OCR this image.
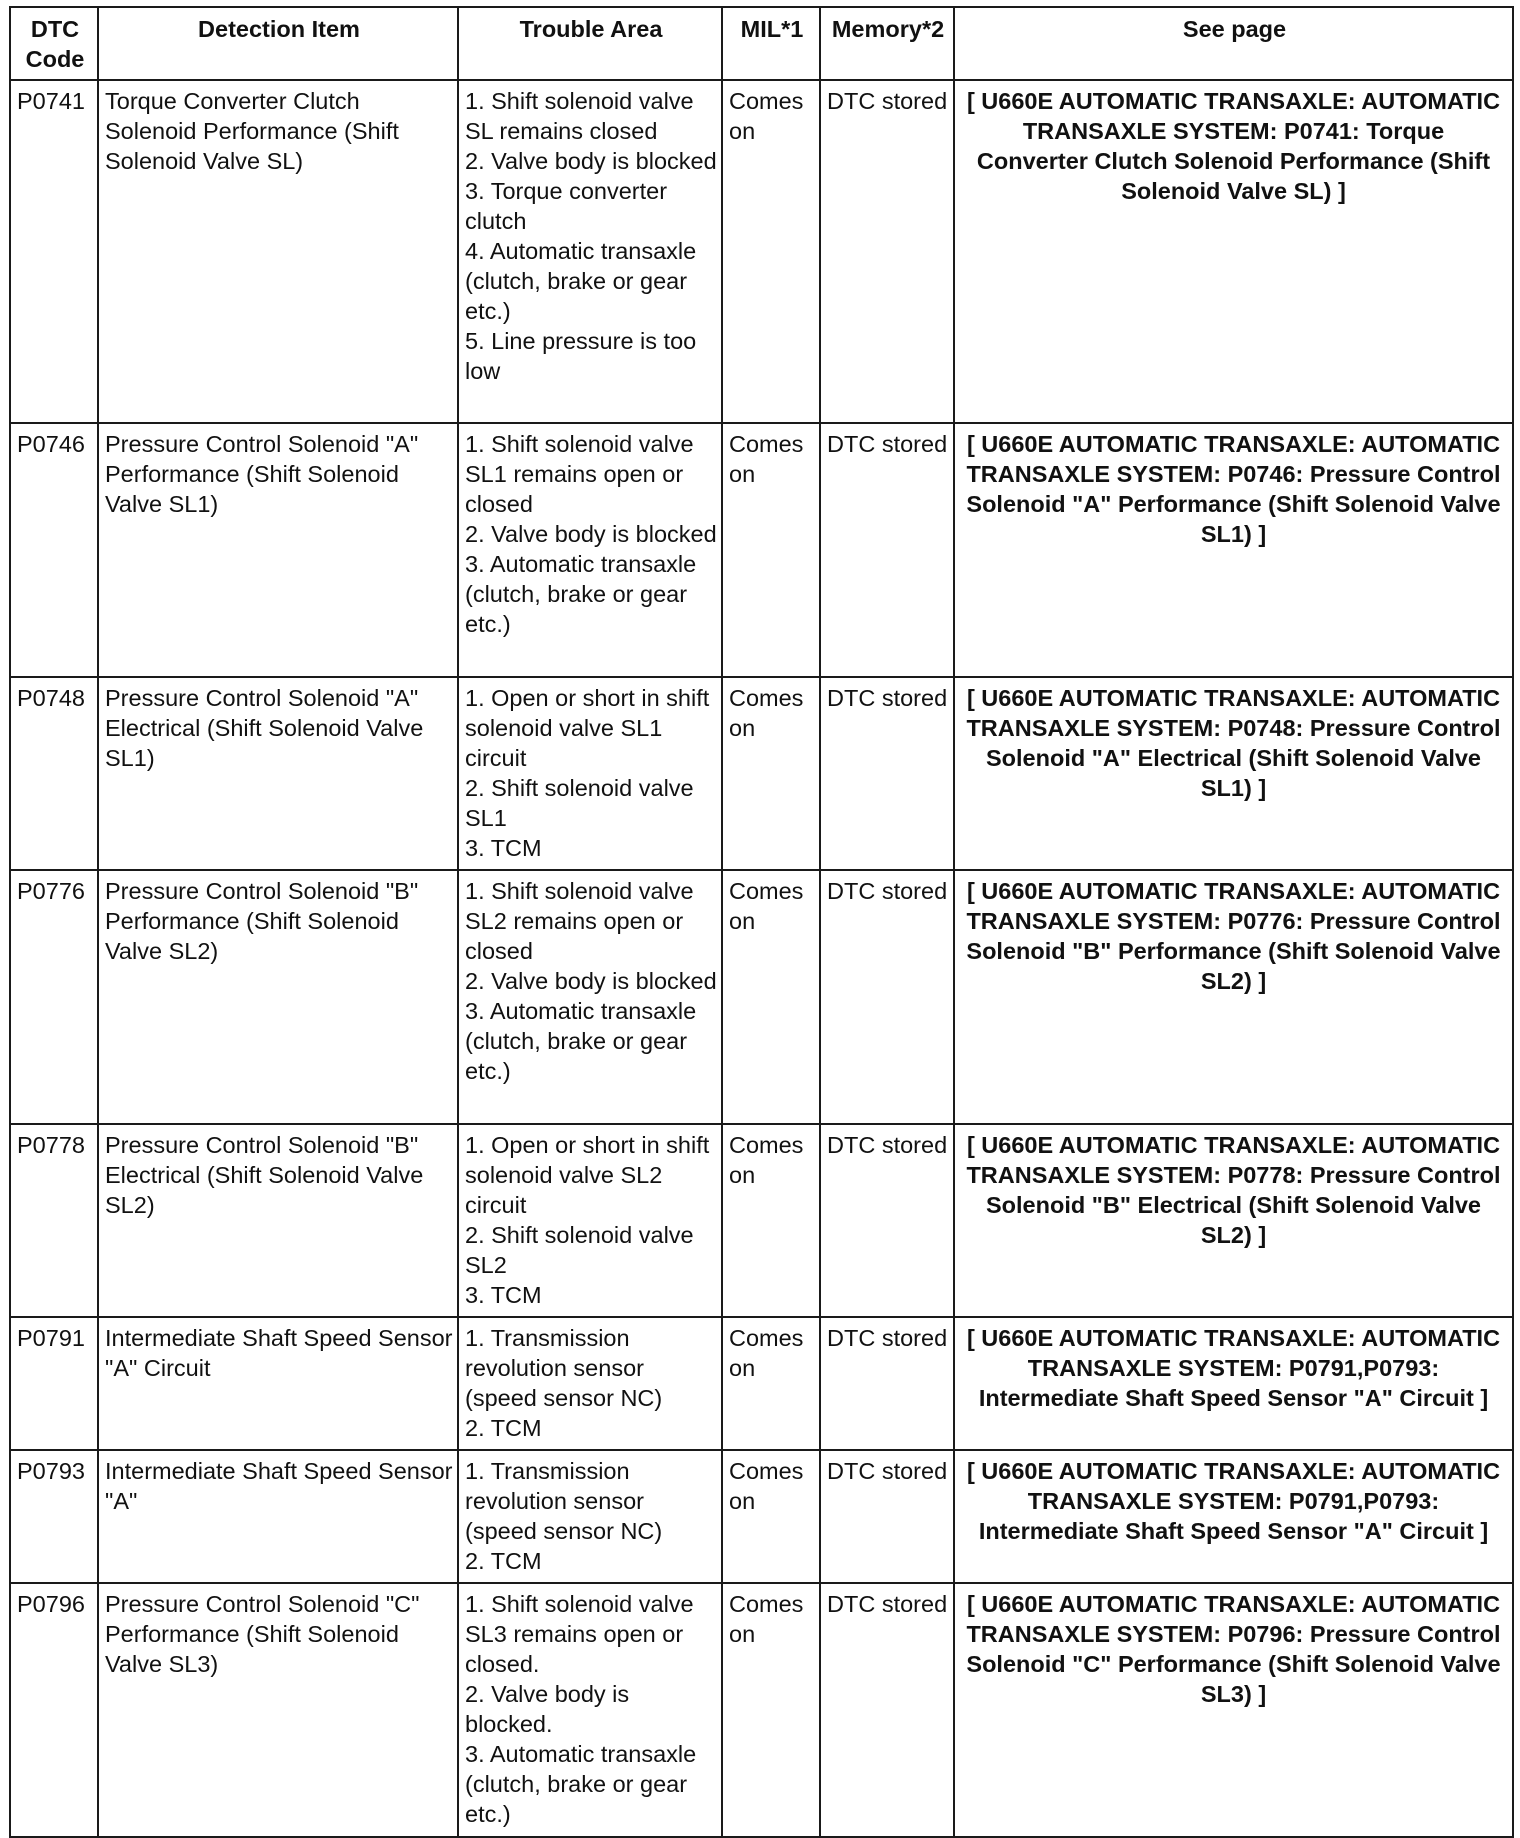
DTC
Code	Detection Item	Trouble Area	MIL*1	Memory*2	See page
P0741	Torque Converter Clutch Solenoid Performance (Shift Solenoid Valve SL)	1. Shift solenoid valve SL remains closed
2. Valve body is blocked
3. Torque converter clutch
4. Automatic transaxle (clutch, brake or gear etc.)
5. Line pressure is too low	Comes on	DTC stored	[ U660E AUTOMATIC TRANSAXLE: AUTOMATIC TRANSAXLE SYSTEM: P0741: Torque Converter Clutch Solenoid Performance (Shift Solenoid Valve SL) ]
P0746	Pressure Control Solenoid "A" Performance (Shift Solenoid Valve SL1)	1. Shift solenoid valve SL1 remains open or closed
2. Valve body is blocked
3. Automatic transaxle (clutch, brake or gear etc.)	Comes on	DTC stored	[ U660E AUTOMATIC TRANSAXLE: AUTOMATIC TRANSAXLE SYSTEM: P0746: Pressure Control Solenoid "A" Performance (Shift Solenoid Valve SL1) ]
P0748	Pressure Control Solenoid "A" Electrical (Shift Solenoid Valve SL1)	1. Open or short in shift solenoid valve SL1 circuit
2. Shift solenoid valve SL1
3. TCM	Comes on	DTC stored	[ U660E AUTOMATIC TRANSAXLE: AUTOMATIC TRANSAXLE SYSTEM: P0748: Pressure Control Solenoid "A" Electrical (Shift Solenoid Valve SL1) ]
P0776	Pressure Control Solenoid "B" Performance (Shift Solenoid Valve SL2)	1. Shift solenoid valve SL2 remains open or closed
2. Valve body is blocked
3. Automatic transaxle (clutch, brake or gear etc.)	Comes on	DTC stored	[ U660E AUTOMATIC TRANSAXLE: AUTOMATIC TRANSAXLE SYSTEM: P0776: Pressure Control Solenoid "B" Performance (Shift Solenoid Valve SL2) ]
P0778	Pressure Control Solenoid "B" Electrical (Shift Solenoid Valve SL2)	1. Open or short in shift solenoid valve SL2 circuit
2. Shift solenoid valve SL2
3. TCM	Comes on	DTC stored	[ U660E AUTOMATIC TRANSAXLE: AUTOMATIC TRANSAXLE SYSTEM: P0778: Pressure Control Solenoid "B" Electrical (Shift Solenoid Valve SL2) ]
P0791	Intermediate Shaft Speed Sensor "A" Circuit	1. Transmission revolution sensor (speed sensor NC)
2. TCM	Comes on	DTC stored	[ U660E AUTOMATIC TRANSAXLE: AUTOMATIC TRANSAXLE SYSTEM: P0791,P0793: Intermediate Shaft Speed Sensor "A" Circuit ]
P0793	Intermediate Shaft Speed Sensor "A"	1. Transmission revolution sensor (speed sensor NC)
2. TCM	Comes on	DTC stored	[ U660E AUTOMATIC TRANSAXLE: AUTOMATIC TRANSAXLE SYSTEM: P0791,P0793: Intermediate Shaft Speed Sensor "A" Circuit ]
P0796	Pressure Control Solenoid "C" Performance (Shift Solenoid Valve SL3)	1. Shift solenoid valve SL3 remains open or closed.
2. Valve body is blocked.
3. Automatic transaxle (clutch, brake or gear etc.)	Comes on	DTC stored	[ U660E AUTOMATIC TRANSAXLE: AUTOMATIC TRANSAXLE SYSTEM: P0796: Pressure Control Solenoid "C" Performance (Shift Solenoid Valve SL3) ]
